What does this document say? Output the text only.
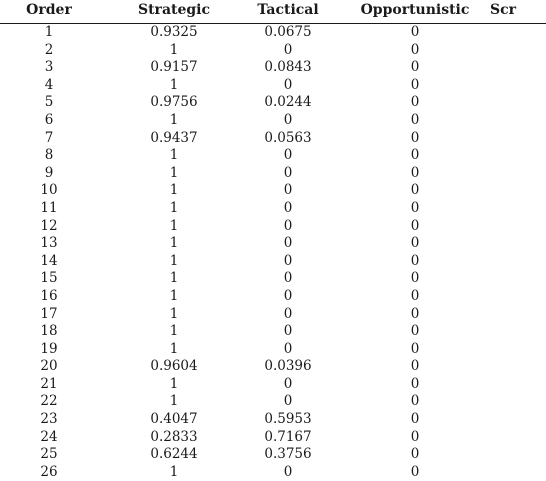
Order	Strategic	Tactical	Opportunistic	Scr
1	0.9325	0.0675	0	
2	1	0	0	
3	0.9157	0.0843	0	
4	1	0	0	
5	0.9756	0.0244	0	
6	1	0	0	
7	0.9437	0.0563	0	
8	1	0	0	
9	1	0	0	
10	1	0	0	
11	1	0	0	
12	1	0	0	
13	1	0	0	
14	1	0	0	
15	1	0	0	
16	1	0	0	
17	1	0	0	
18	1	0	0	
19	1	0	0	
20	0.9604	0.0396	0	
21	1	0	0	
22	1	0	0	
23	0.4047	0.5953	0	
24	0.2833	0.7167	0	
25	0.6244	0.3756	0	
26	1	0	0	
